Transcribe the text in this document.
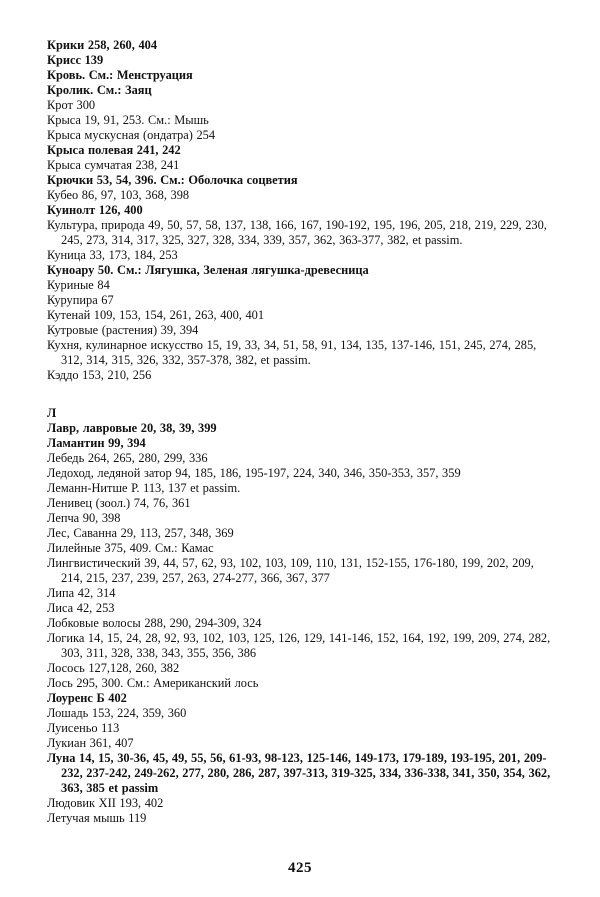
Крики 258, 260, 404
Крисс 139
Кровь. См.: Менструация
Кролик. См.: Заяц
Крот 300
Крыса 19, 91, 253. См.: Мышь
Крыса мускусная (ондатра) 254
Крыса полевая 241, 242
Крыса сумчатая 238, 241
Крючки 53, 54, 396. См.: Оболочка соцветия
Кубео 86, 97, 103, 368, 398
Куинолт 126, 400
Культура, природа 49, 50, 57, 58, 137, 138, 166, 167, 190-192, 195, 196, 205, 218, 219, 229, 230, 245, 273, 314, 317, 325, 327, 328, 334, 339, 357, 362, 363-377, 382, et passim.
Куница 33, 173, 184, 253
Куноару 50. См.: Лягушка, Зеленая лягушка-древесница
Куриные 84
Курупира 67
Кутенай 109, 153, 154, 261, 263, 400, 401
Кутровые (растения) 39, 394
Кухня, кулинарное искусство 15, 19, 33, 34, 51, 58, 91, 134, 135, 137-146, 151, 245, 274, 285, 312, 314, 315, 326, 332, 357-378, 382, et passim.
Кэддо 153, 210, 256
Л
Лавр, лавровые 20, 38, 39, 399
Ламантин 99, 394
Лебедь 264, 265, 280, 299, 336
Ледоход, ледяной затор 94, 185, 186, 195-197, 224, 340, 346, 350-353, 357, 359
Леманн-Нитше Р. 113, 137 et passim.
Ленивец (зоол.) 74, 76, 361
Лепча 90, 398
Лес, Саванна 29, 113, 257, 348, 369
Лилейные 375, 409. См.: Камас
Лингвистический 39, 44, 57, 62, 93, 102, 103, 109, 110, 131, 152-155, 176-180, 199, 202, 209, 214, 215, 237, 239, 257, 263, 274-277, 366, 367, 377
Липа 42, 314
Лиса 42, 253
Лобковые волосы 288, 290, 294-309, 324
Логика 14, 15, 24, 28, 92, 93, 102, 103, 125, 126, 129, 141-146, 152, 164, 192, 199, 209, 274, 282, 303, 311, 328, 338, 343, 355, 356, 386
Лосось 127,128, 260, 382
Лось 295, 300. См.: Американский лось
Лоуренс Б 402
Лошадь 153, 224, 359, 360
Луисеньо 113
Лукиан 361, 407
Луна 14, 15, 30-36, 45, 49, 55, 56, 61-93, 98-123, 125-146, 149-173, 179-189, 193-195, 201, 209-232, 237-242, 249-262, 277, 280, 286, 287, 397-313, 319-325, 334, 336-338, 341, 350, 354, 362, 363, 385 et passim
Людовик XII 193, 402
Летучая мышь 119
425
